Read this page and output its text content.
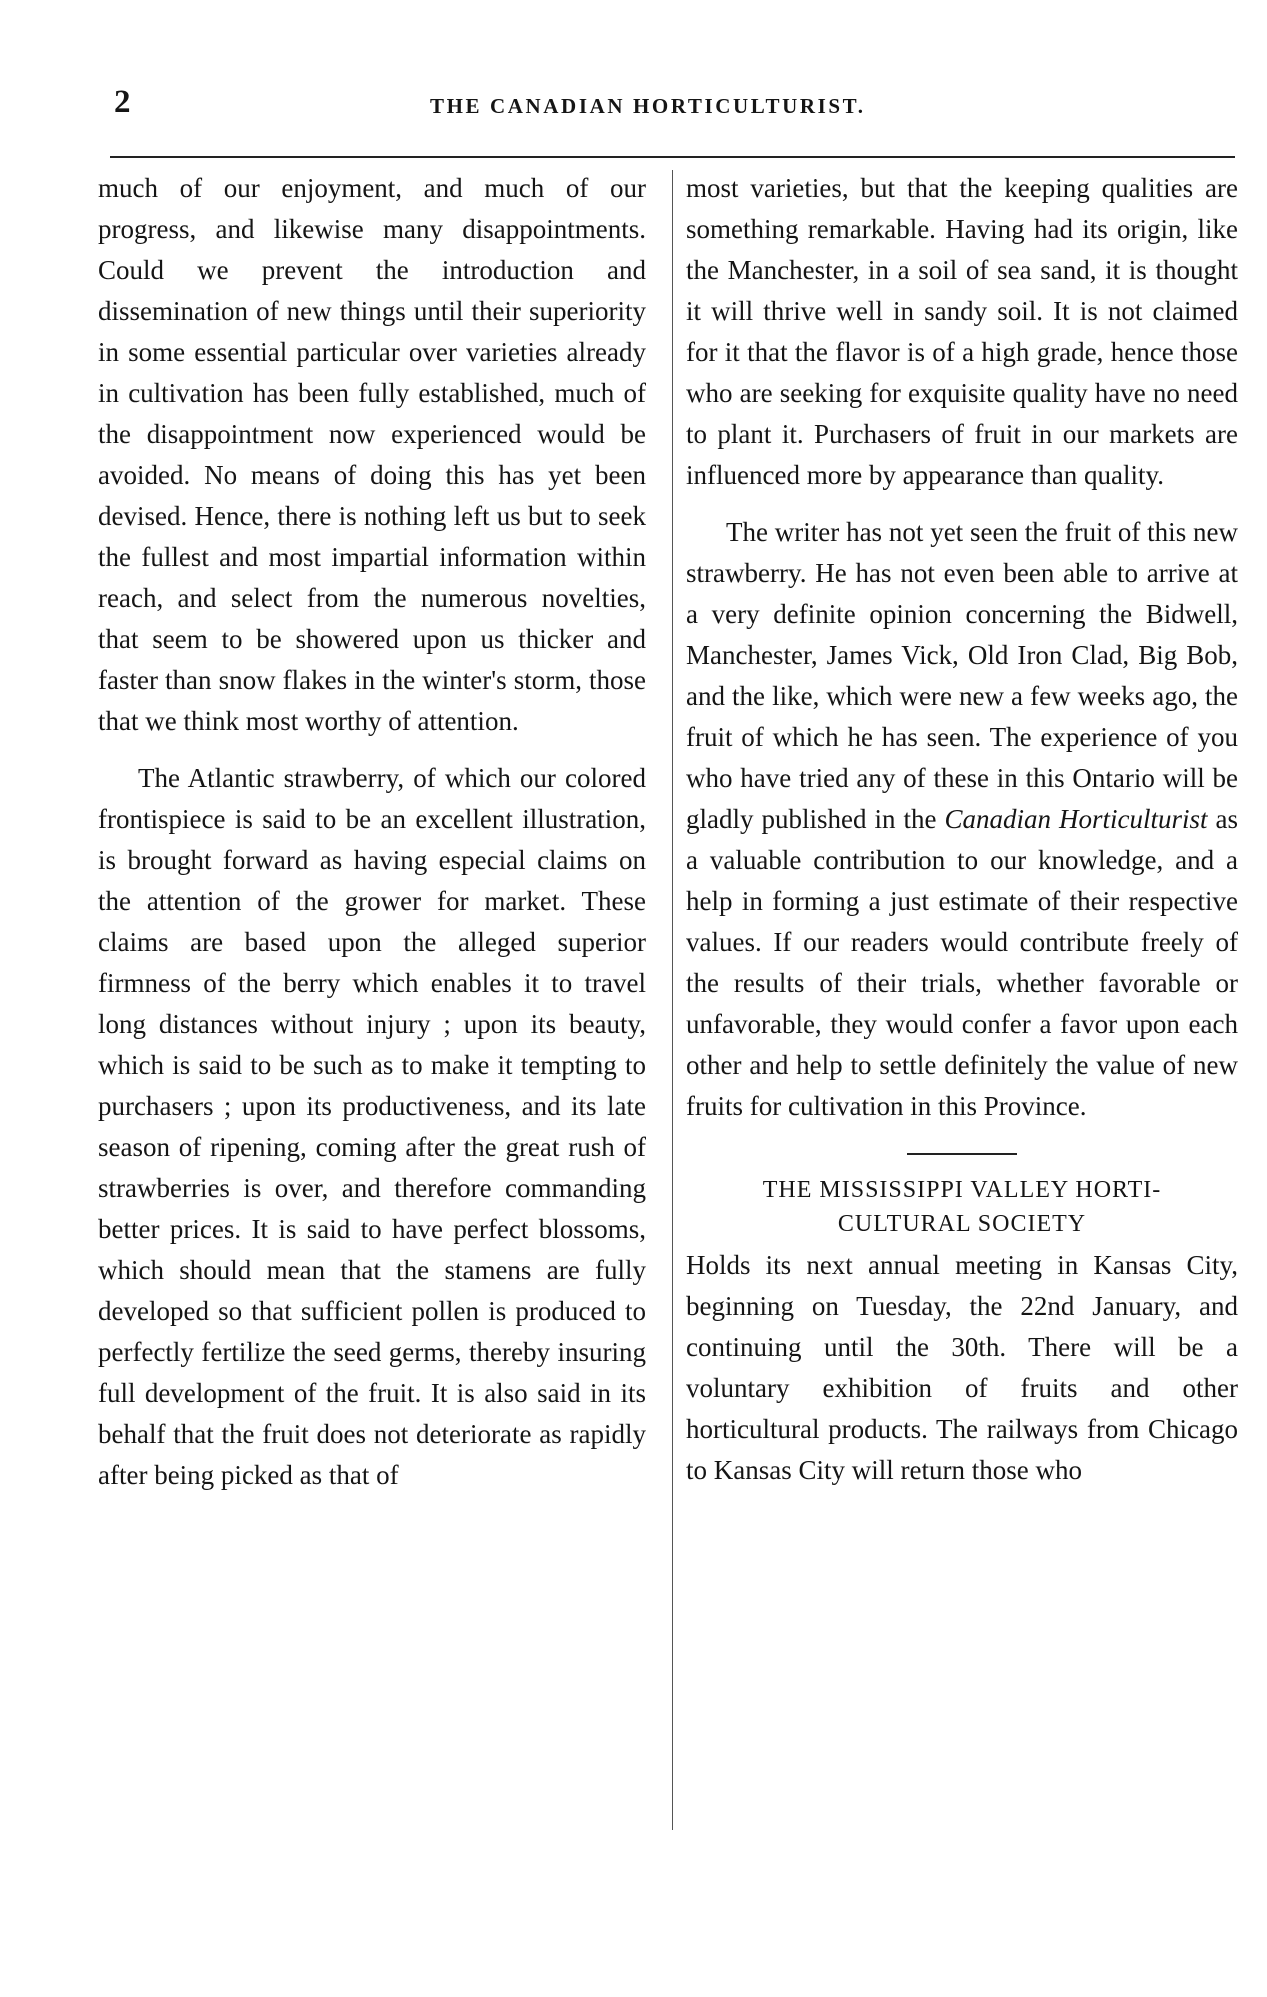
2	THE CANADIAN HORTICULTURIST.

much of our enjoyment, and much of our progress, and likewise many disappointments. Could we prevent the introduction and dissemination of new things until their superiority in some essential particular over varieties already in cultivation has been fully established, much of the disappointment now experienced would be avoided. No means of doing this has yet been devised. Hence, there is nothing left us but to seek the fullest and most impartial information within reach, and select from the numerous novelties, that seem to be showered upon us thicker and faster than snow flakes in the winter's storm, those that we think most worthy of attention.

The Atlantic strawberry, of which our colored frontispiece is said to be an excellent illustration, is brought forward as having especial claims on the attention of the grower for market. These claims are based upon the alleged superior firmness of the berry which enables it to travel long distances without injury ; upon its beauty, which is said to be such as to make it tempting to purchasers ; upon its productiveness, and its late season of ripening, coming after the great rush of strawberries is over, and therefore commanding better prices. It is said to have perfect blossoms, which should mean that the stamens are fully developed so that sufficient pollen is produced to perfectly fertilize the seed germs, thereby insuring full development of the fruit. It is also said in its behalf that the fruit does not deteriorate as rapidly after being picked as that of

most varieties, but that the keeping qualities are something remarkable. Having had its origin, like the Manchester, in a soil of sea sand, it is thought it will thrive well in sandy soil. It is not claimed for it that the flavor is of a high grade, hence those who are seeking for exquisite quality have no need to plant it. Purchasers of fruit in our markets are influenced more by appearance than quality.

The writer has not yet seen the fruit of this new strawberry. He has not even been able to arrive at a very definite opinion concerning the Bidwell, Manchester, James Vick, Old Iron Clad, Big Bob, and the like, which were new a few weeks ago, the fruit of which he has seen. The experience of you who have tried any of these in this Ontario will be gladly published in the Canadian Horticulturist as a valuable contribution to our knowledge, and a help in forming a just estimate of their respective values. If our readers would contribute freely of the results of their trials, whether favorable or unfavorable, they would confer a favor upon each other and help to settle definitely the value of new fruits for cultivation in this Province.

THE MISSISSIPPI VALLEY HORTI-
CULTURAL SOCIETY

Holds its next annual meeting in Kansas City, beginning on Tuesday, the 22nd January, and continuing until the 30th. There will be a voluntary exhibition of fruits and other horticultural products. The railways from Chicago to Kansas City will return those who
